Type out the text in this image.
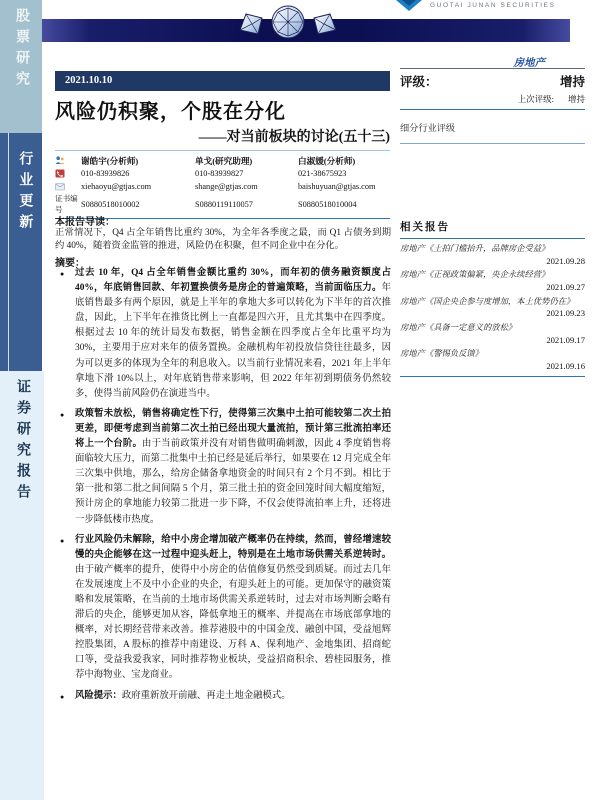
股票研究
行业更新
证券研究报告
GUOTAI JUNAN SECURITIES
房地产
2021.10.10
风险仍积聚，个股在分化
——对当前板块的讨论(五十三)
评级：	增持
上次评级: 增持
细分行业评级
谢皓宇(分析师)	单戈(研究助理)	白淑媛(分析师)
010-83939826	010-83939827	021-38675923
xiehaoyu@gtjas.com	shange@gtjas.com	baishuyuan@gtjas.com
证书编号
S0880518010002	S0880119110057	S0880518010004
本报告导读：
正常情况下，Q4 占全年销售比重约 30%，为全年各季度之最，而 Q1 占债务到期约 40%，随着资金监管的推进，风险仍在积聚，但不同企业中在分化。
摘要：
● 过去 10 年，Q4 占全年销售金额比重约 30%，而年初的债务融资额度占 40%，年底销售回款、年初置换债务是房企的普遍策略，当前面临压力。年底销售最多有两个原因，就是上半年的拿地大多可以转化为下半年的首次推盘，因此，上下半年在推货比例上一直都是四六开，且尤其集中在四季度。根据过去 10 年的统计局发布数据，销售金额在四季度占全年比重平均为 30%，主要用于应对来年的债务置换。金融机构年初投放信贷往往最多，因为可以更多的体现为全年的利息收入。以当前行业情况来看，2021 年上半年拿地下滑 10%以上，对年底销售带来影响，但 2022 年年初到期债务仍然较多，使得当前风险仍在演进当中。
● 政策暂未放松，销售将确定性下行，使得第三次集中土拍可能较第二次土拍更差，即便考虑到当前第二次土拍已经出现大量流拍，预计第三批流拍率还将上一个台阶。由于当前政策并没有对销售做明确刺激，因此 4 季度销售将面临较大压力，而第二批集中土拍已经是延后举行，如果要在 12 月完成全年三次集中供地，那么，给房企储备拿地资金的时间只有 2 个月不到。相比于第一批和第二批之间间隔 5 个月，第三批土拍的资金回笼时间大幅度缩短，预计房企的拿地能力较第二批进一步下降，不仅会使得流拍率上升，还将进一步降低楼市热度。
● 行业风险仍未解除，给中小房企增加破产概率仍在持续，然而，曾经增速较慢的央企能够在这一过程中迎头赶上，特别是在土地市场供需关系逆转时。由于破产概率的提升，使得中小房企的估值修复仍然受到质疑。而过去几年在发展速度上不及中小企业的央企，有迎头赶上的可能。更加保守的融资策略和发展策略，在当前的土地市场供需关系逆转时，过去对市场判断会略有滞后的央企，能够更加从容，降低拿地王的概率、并提高在市场底部拿地的概率，对长期经营带来改善。推荐港股中的中国金茂、融创中国，受益旭辉控股集团，A 股标的推荐中南建设、万科 A、保利地产、金地集团、招商蛇口等，受益我爱我家，同时推荐物业板块，受益招商积余、碧桂园服务，推荐中海物业、宝龙商业。
● 风险提示：政府重新放开前融、再走土地金融模式。
相关报告
房地产《土拍门槛抬升，品牌房企受益》
2021.09.28
房地产《正视政策偏紧，央企永续经营》
2021.09.27
房地产《国企央企参与度增加，本土优势仍在》
2021.09.23
房地产《具备一定意义的放松》
2021.09.17
房地产《警惕负反馈》
2021.09.16
